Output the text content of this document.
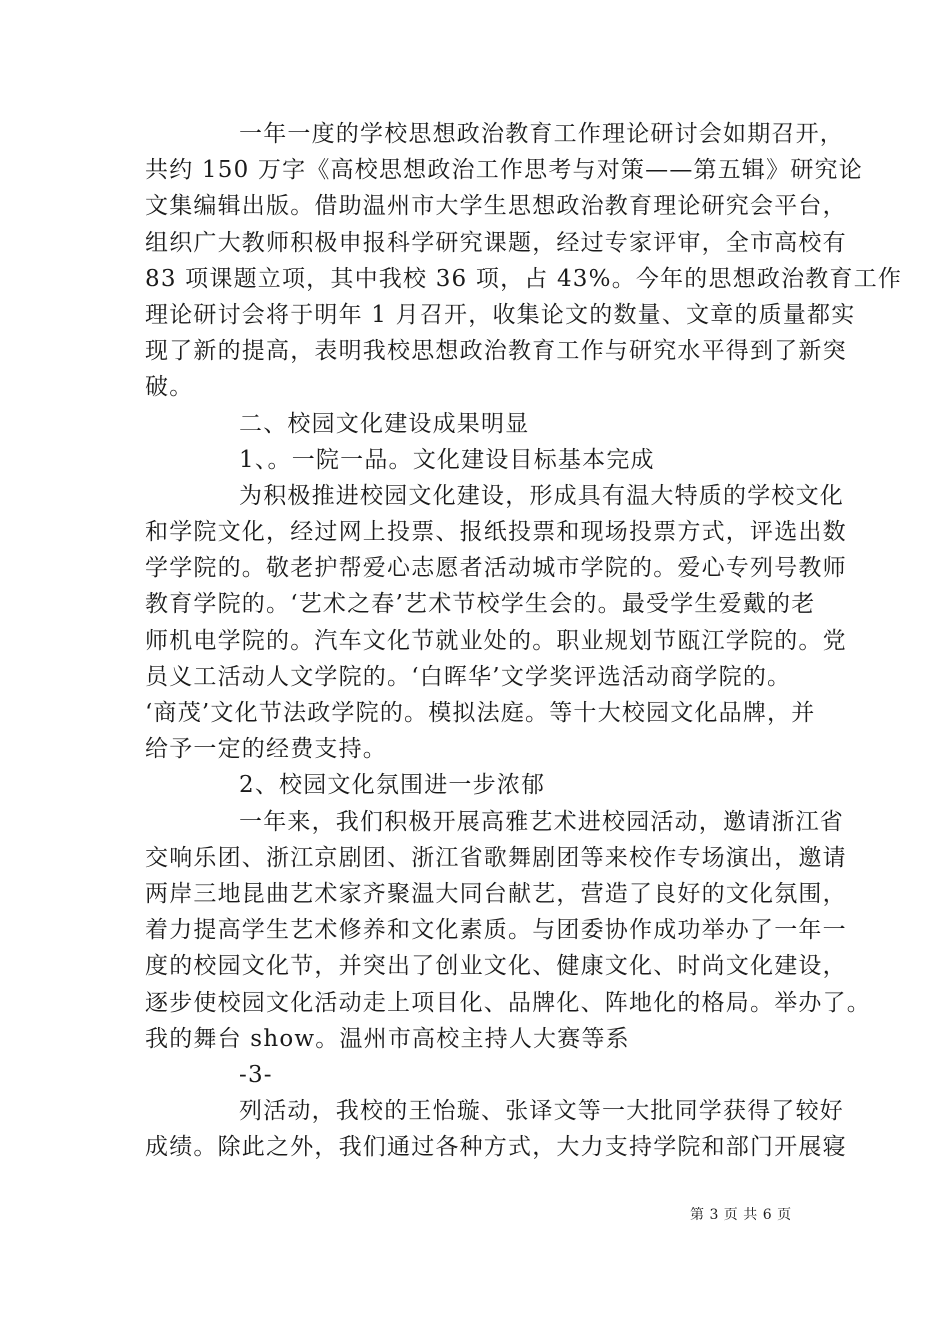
一年一度的学校思想政治教育工作理论研讨会如期召开，
共约 150 万字《高校思想政治工作思考与对策——第五辑》研究论
文集编辑出版。借助温州市大学生思想政治教育理论研究会平台，
组织广大教师积极申报科学研究课题，经过专家评审，全市高校有
83 项课题立项，其中我校 36 项，占 43%。今年的思想政治教育工作
理论研讨会将于明年 1 月召开，收集论文的数量、文章的质量都实
现了新的提高，表明我校思想政治教育工作与研究水平得到了新突
破。
二、校园文化建设成果明显
1、。一院一品。文化建设目标基本完成
为积极推进校园文化建设，形成具有温大特质的学校文化
和学院文化，经过网上投票、报纸投票和现场投票方式，评选出数
学学院的。敬老护帮爱心志愿者活动城市学院的。爱心专列号教师
教育学院的。‘艺术之春’艺术节校学生会的。最受学生爱戴的老
师机电学院的。汽车文化节就业处的。职业规划节瓯江学院的。党
员义工活动人文学院的。‘白晖华’文学奖评选活动商学院的。
‘商茂’文化节法政学院的。模拟法庭。等十大校园文化品牌，并
给予一定的经费支持。
2、校园文化氛围进一步浓郁
一年来，我们积极开展高雅艺术进校园活动，邀请浙江省
交响乐团、浙江京剧团、浙江省歌舞剧团等来校作专场演出，邀请
两岸三地昆曲艺术家齐聚温大同台献艺，营造了良好的文化氛围，
着力提高学生艺术修养和文化素质。与团委协作成功举办了一年一
度的校园文化节，并突出了创业文化、健康文化、时尚文化建设，
逐步使校园文化活动走上项目化、品牌化、阵地化的格局。举办了。
我的舞台 show。温州市高校主持人大赛等系
-3-
列活动，我校的王怡璇、张译文等一大批同学获得了较好
成绩。除此之外，我们通过各种方式，大力支持学院和部门开展寝
第 3 页 共 6 页
